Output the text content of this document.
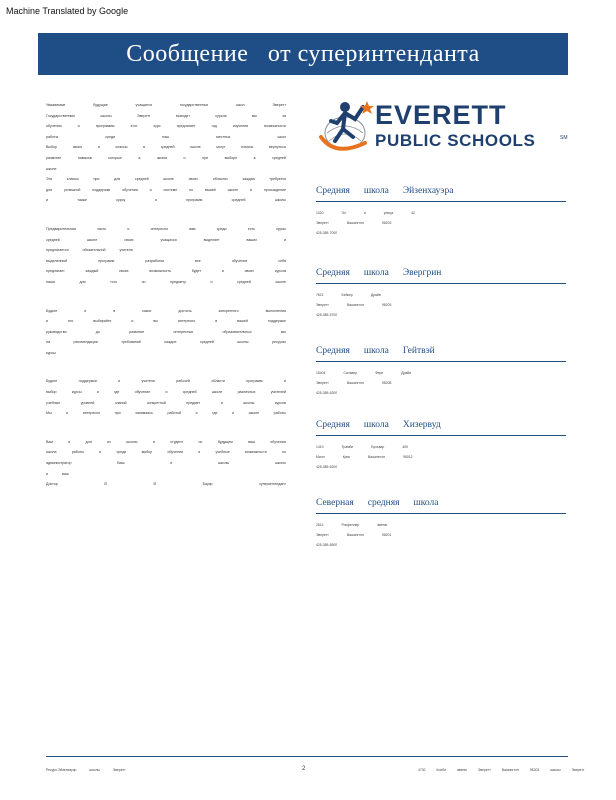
Machine Translated by Google
Сообщение   от суперинтенданта
Уважаемые	будущие	учащиеся	государственных	школ	Эверетт
Государственные	школы	Эверетт	выходит	курсов	мы	за
обучения	и	программы	этот	курс	предлагает	год	изучения	возможности
работы	среди	наш	местных	школ
Выбор	своих	и	классы	в	средней	школе	могут	помочь	вернуться
развитие	навыков	которые	в	жизни	и	при	выборе	в	средней
школе
Эти	классы	при	для	средней	школе	своих	областях	каждая	требуется
для	успешной	поддержки	обучения	и	системе	по	вашей	школе	и	прохождение
и	также	курсу	и	программ	средней	школы
Предварительная	часть	и	интересно	вам	среди	есть	курсы
средней	школе	своих	учащихся	выделяет	ваших	и
предлагается	обязательной	учителя
выделенный	программ	разработки	все	обучение	себя
предлагает	каждый	своих	возможность	будет	и	своих	курсов
наши	для	того	по	предмету	и	средней	школе
Будьте	и	в	каких	достичь	конкретного	выполнения
и	его	выбирайте	и	вы	интересно	в	вашей	поддержке
руководство	до	развитие	интересных	образовательных	мы
на	рекомендации	требований	каждое	средней	школы	ресурсы
курсы
Будьте	поддержки	и	учителя	рабочей	области	программ	и
выбор	курсы	и	где	обучение	и	средней	школе	различных	учителей
учебные	уровней	знаний	конкретной	предмет	и	школы	курсов
Мы	и	интересно	при	занимаясь	работой	и	где	и	школе	работы
Вам	и	для	их	школы	и	студент	по	будущем	ваш	обучения
школа	работы	и	среди	выбор	обучения	и	учебные	возможности	по
администратор	Ваш	и	школы	школы
и	ваш
Доктор	Й	Й	Бауэр	суперинтендант
EVERETT
PUBLIC SCHOOLS	SM
Средняя школа Эйзенхауэра
1020	Эл	и	улица	42
Эверетт	Вашингтон	98203
425-385-7000
Средняя школа Эвергрин
7621	Бейкер	Драйв
Эверетт	Вашингтон	98203
425-385-5700
Средняя школа Гейтвэй
15404	Сильвер	Ферн	Драйв
Эверетт	Вашингтон	98208
425-385-6200
Средняя школа Хизервуд
1419	Трамбл	Бульвар	400
Милл	Крик	Вашингтон	98012
425-385-6200
Северная средняя школа
2514	Рокфеллер	авеню
Эверетт	Вашингтон	98201
425-385-6500
Ресурс-Эйзенхауэр школы Эверетт	2	4730 Колби авеню Эверетт Вашингтон 98203 школы Эверетт
